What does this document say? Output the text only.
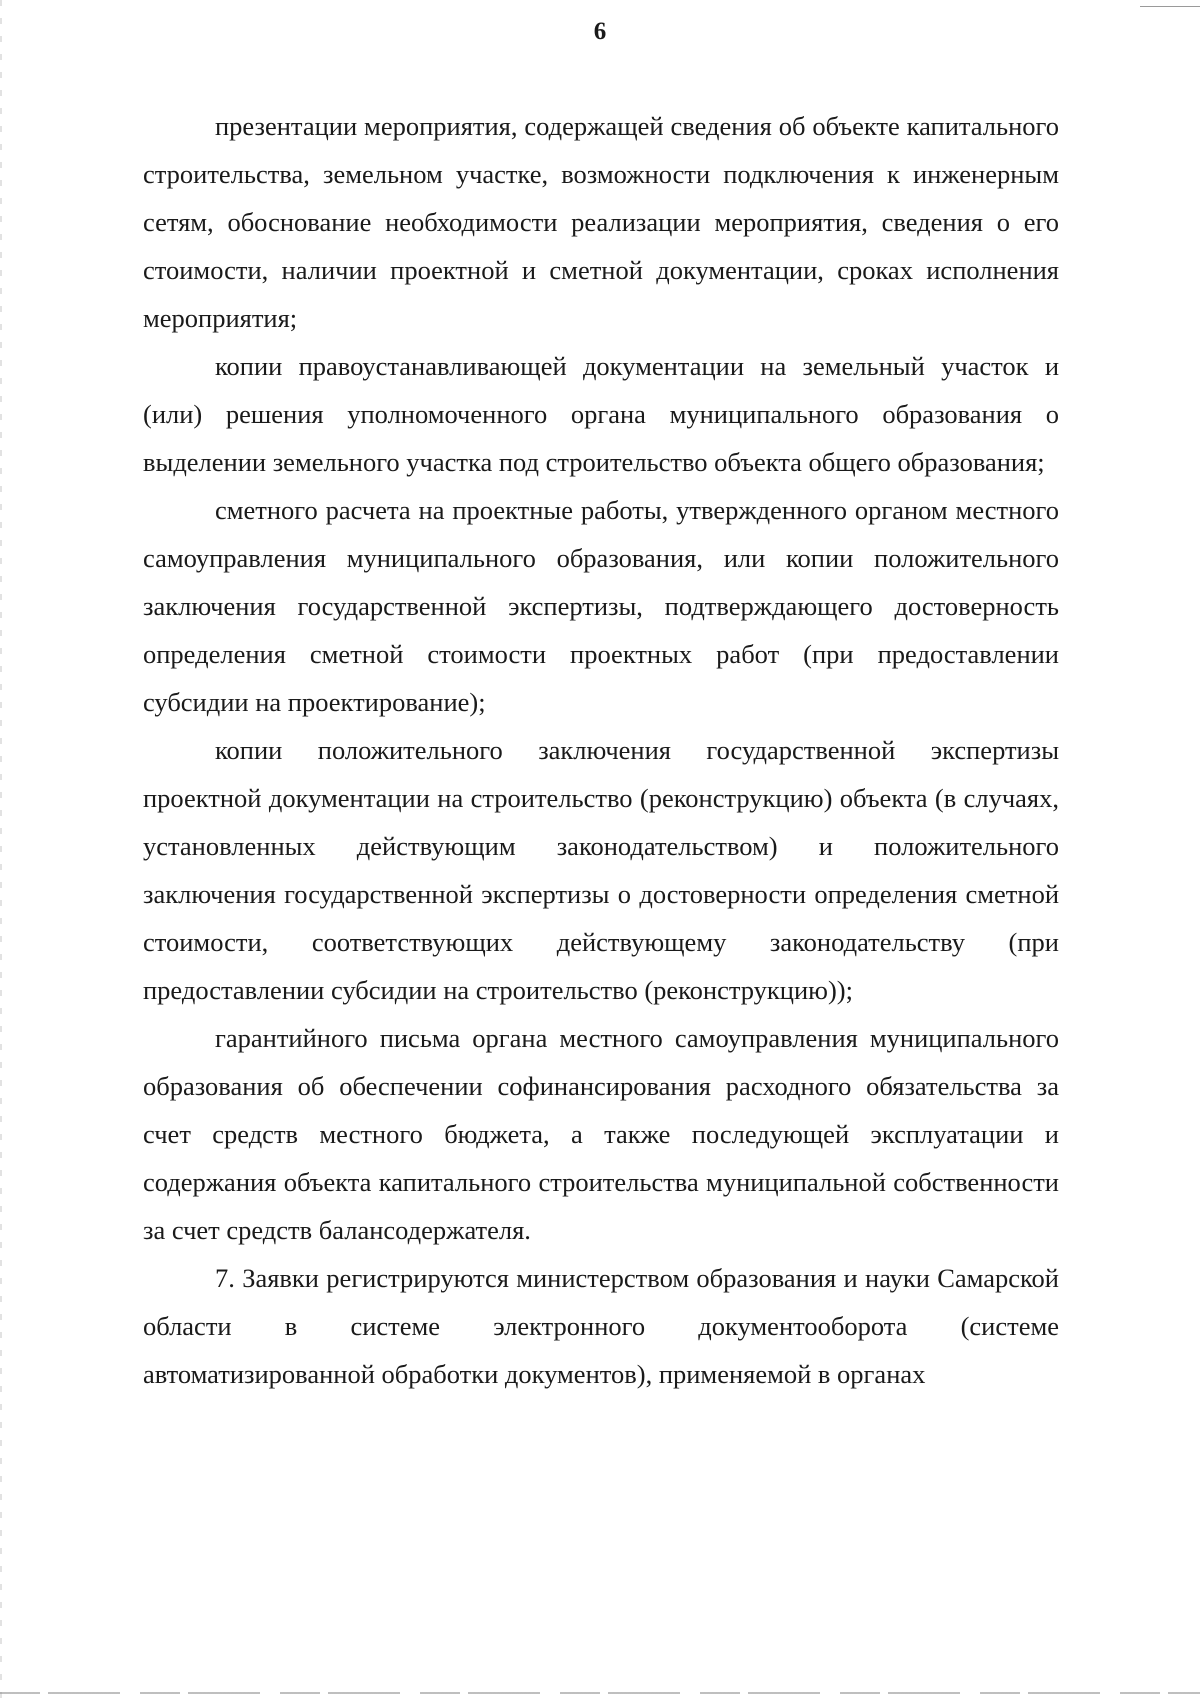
6

презентации мероприятия, содержащей сведения об объекте капитального строительства, земельном участке, возможности подключения к инженерным сетям, обоснование необходимости реализации мероприятия, сведения о его стоимости, наличии проектной и сметной документации, сроках исполнения мероприятия;

копии правоустанавливающей документации на земельный участок и (или) решения уполномоченного органа муниципального образования о выделении земельного участка под строительство объекта общего образования;

сметного расчета на проектные работы, утвержденного органом местного самоуправления муниципального образования, или копии положительного заключения государственной экспертизы, подтверждающего достоверность определения сметной стоимости проектных работ (при предоставлении субсидии на проектирование);

копии положительного заключения государственной экспертизы проектной документации на строительство (реконструкцию) объекта (в случаях, установленных действующим законодательством) и положительного заключения государственной экспертизы о достоверности определения сметной стоимости, соответствующих действующему законодательству (при предоставлении субсидии на строительство (реконструкцию));

гарантийного письма органа местного самоуправления муниципального образования об обеспечении софинансирования расходного обязательства за счет средств местного бюджета, а также последующей эксплуатации и содержания объекта капитального строительства муниципальной собственности за счет средств балансодержателя.

7. Заявки регистрируются министерством образования и науки Самарской области в системе электронного документооборота (системе автоматизированной обработки документов), применяемой в органах
